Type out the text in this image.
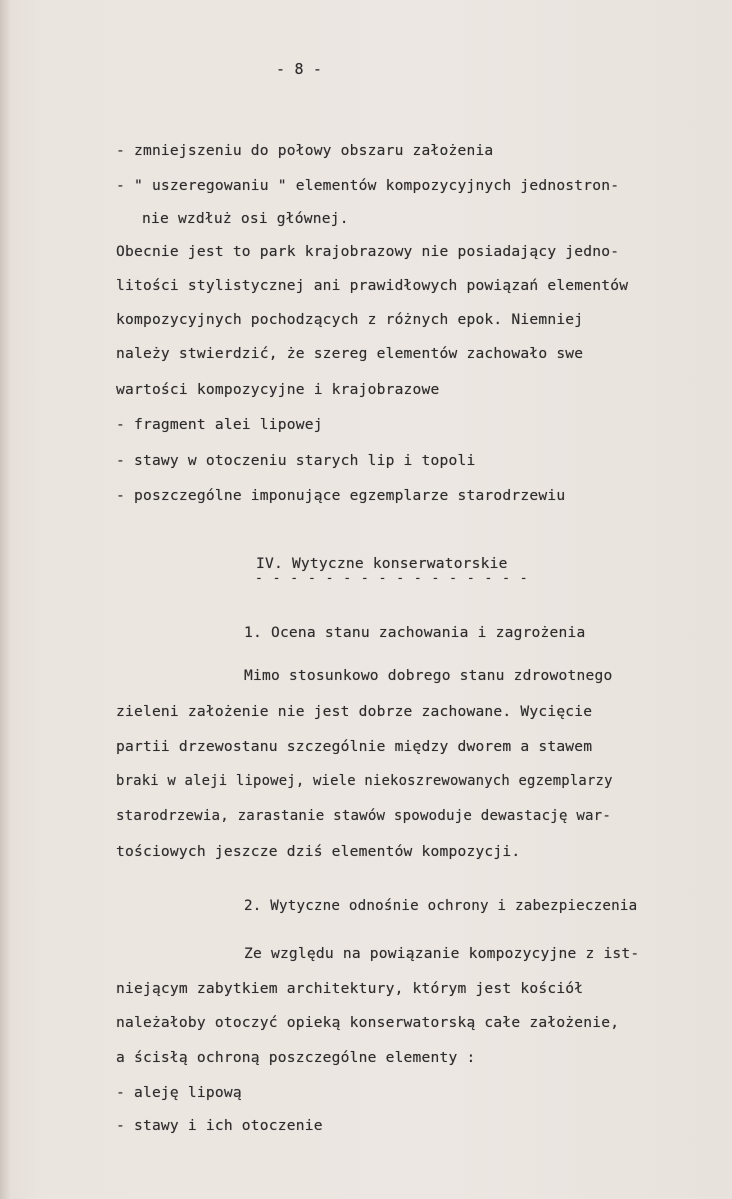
- 8 -
- zmniejszeniu do połowy obszaru założenia
- " uszeregowaniu " elementów kompozycyjnych jednostron-
nie wzdłuż osi głównej.
Obecnie jest to park krajobrazowy nie posiadający jedno-
litości stylistycznej ani prawidłowych powiązań elementów
kompozycyjnych pochodzących z różnych epok. Niemniej
należy stwierdzić, że szereg elementów zachowało swe
wartości kompozycyjne i krajobrazowe
- fragment alei lipowej
- stawy w otoczeniu starych lip i topoli
- poszczególne imponujące egzemplarze starodrzewiu
IV. Wytyczne konserwatorskie
- - - - - - - - - - - - - - - -
1. Ocena stanu zachowania i zagrożenia
Mimo stosunkowo dobrego stanu zdrowotnego
zieleni założenie nie jest dobrze zachowane. Wycięcie
partii drzewostanu szczególnie między dworem a stawem
braki w aleji lipowej, wiele niekoszrewowanych egzemplarzy
starodrzewia, zarastanie stawów spowoduje dewastację war-
tościowych jeszcze dziś elementów kompozycji.
2. Wytyczne odnośnie ochrony i zabezpieczenia
Ze względu na powiązanie kompozycyjne z ist-
niejącym zabytkiem architektury, którym jest kościół
należałoby otoczyć opieką konserwatorską całe założenie,
a ścisłą ochroną poszczególne elementy :
- aleję lipową
- stawy i ich otoczenie
